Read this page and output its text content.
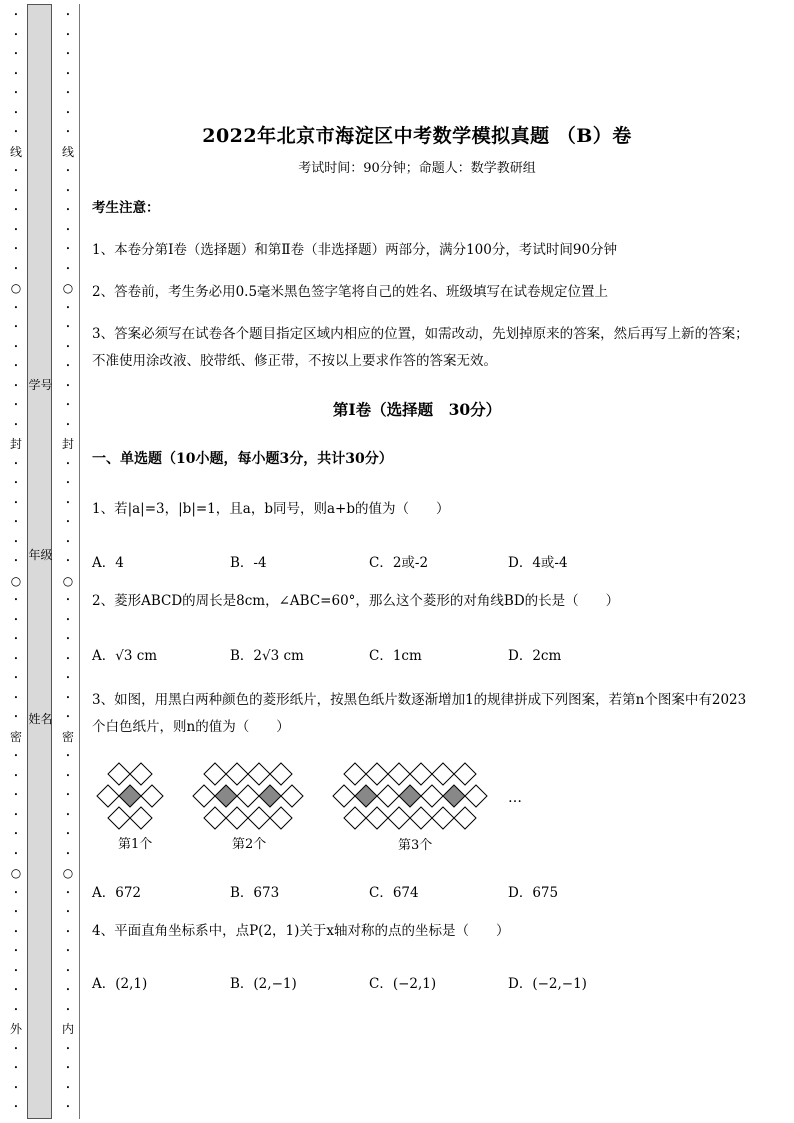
•
•
•
•
•
•
•
线
•
•
•
•
•
•
○
•
•
•
•
•
•
•
封
•
•
•
•
•
•
○
•
•
•
•
•
•
•
密
•
•
•
•
•
•
○
•
•
•
•
•
•
•
外
•
•
•
•
学号
年级
姓名
•
•
•
•
•
•
•
线
•
•
•
•
•
•
○
•
•
•
•
•
•
•
封
•
•
•
•
•
•
○
•
•
•
•
•
•
•
密
•
•
•
•
•
•
○
•
•
•
•
•
•
•
内
•
•
•
•
2022年北京市海淀区中考数学模拟真题 （B）卷
考试时间：90分钟；命题人：数学教研组
考生注意：
1、本卷分第Ⅰ卷（选择题）和第Ⅱ卷（非选择题）两部分，满分100分，考试时间90分钟
2、答卷前，考生务必用0.5毫米黑色签字笔将自己的姓名、班级填写在试卷规定位置上
3、答案必须写在试卷各个题目指定区域内相应的位置，如需改动，先划掉原来的答案，然后再写上新的答案；不准使用涂改液、胶带纸、修正带，不按以上要求作答的答案无效。
第Ⅰ卷（选择题　30分）
一、单选题（10小题，每小题3分，共计30分）
1、若|a|=3，|b|=1，且a，b同号，则a+b的值为（　　）
A．4	B．-4	C．2或-2	D．4或-4
2、菱形ABCD的周长是8cm，∠ABC=60°，那么这个菱形的对角线BD的长是（　　）
A．√3 cm	B．2√3 cm	C．1cm	D．2cm
3、如图，用黑白两种颜色的菱形纸片，按黑色纸片数逐渐增加1的规律拼成下列图案，若第n个图案中有2023个白色纸片，则n的值为（　　）
…
第1个	第2个	第3个
A．672	B．673	C．674	D．675
4、平面直角坐标系中，点P(2，1)关于x轴对称的点的坐标是（　　）
A．(2,1)	B．(2,−1)	C．(−2,1)	D．(−2,−1)
